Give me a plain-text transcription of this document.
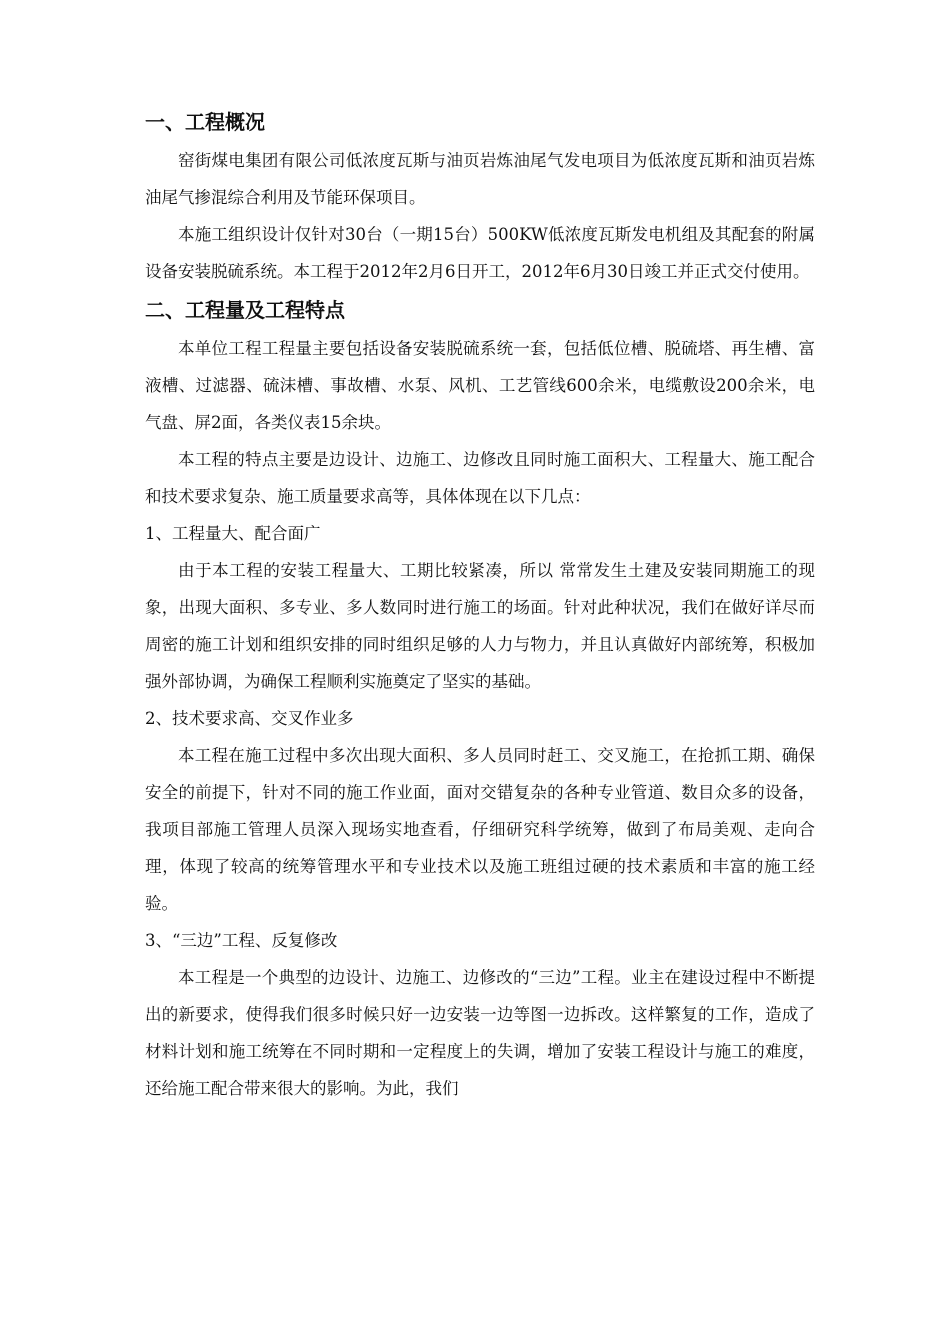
一、工程概况

窑街煤电集团有限公司低浓度瓦斯与油页岩炼油尾气发电项目为低浓度瓦斯和油页岩炼油尾气掺混综合利用及节能环保项目。

本施工组织设计仅针对30台（一期15台）500KW低浓度瓦斯发电机组及其配套的附属设备安装脱硫系统。本工程于2012年2月6日开工，2012年6月30日竣工并正式交付使用。

二、工程量及工程特点

本单位工程工程量主要包括设备安装脱硫系统一套，包括低位槽、脱硫塔、再生槽、富液槽、过滤器、硫沫槽、事故槽、水泵、风机、工艺管线600余米，电缆敷设200余米，电气盘、屏2面，各类仪表15余块。

本工程的特点主要是边设计、边施工、边修改且同时施工面积大、工程量大、施工配合和技术要求复杂、施工质量要求高等，具体体现在以下几点：

1、工程量大、配合面广

由于本工程的安装工程量大、工期比较紧凑，所以 常常发生土建及安装同期施工的现象，出现大面积、多专业、多人数同时进行施工的场面。针对此种状况，我们在做好详尽而周密的施工计划和组织安排的同时组织足够的人力与物力，并且认真做好内部统筹，积极加强外部协调，为确保工程顺利实施奠定了坚实的基础。

2、技术要求高、交叉作业多

本工程在施工过程中多次出现大面积、多人员同时赶工、交叉施工，在抢抓工期、确保安全的前提下，针对不同的施工作业面，面对交错复杂的各种专业管道、数目众多的设备，我项目部施工管理人员深入现场实地查看，仔细研究科学统筹，做到了布局美观、走向合理，体现了较高的统筹管理水平和专业技术以及施工班组过硬的技术素质和丰富的施工经验。

3、“三边”工程、反复修改

本工程是一个典型的边设计、边施工、边修改的“三边”工程。业主在建设过程中不断提出的新要求，使得我们很多时候只好一边安装一边等图一边拆改。这样繁复的工作，造成了材料计划和施工统筹在不同时期和一定程度上的失调，增加了安装工程设计与施工的难度，还给施工配合带来很大的影响。为此，我们
